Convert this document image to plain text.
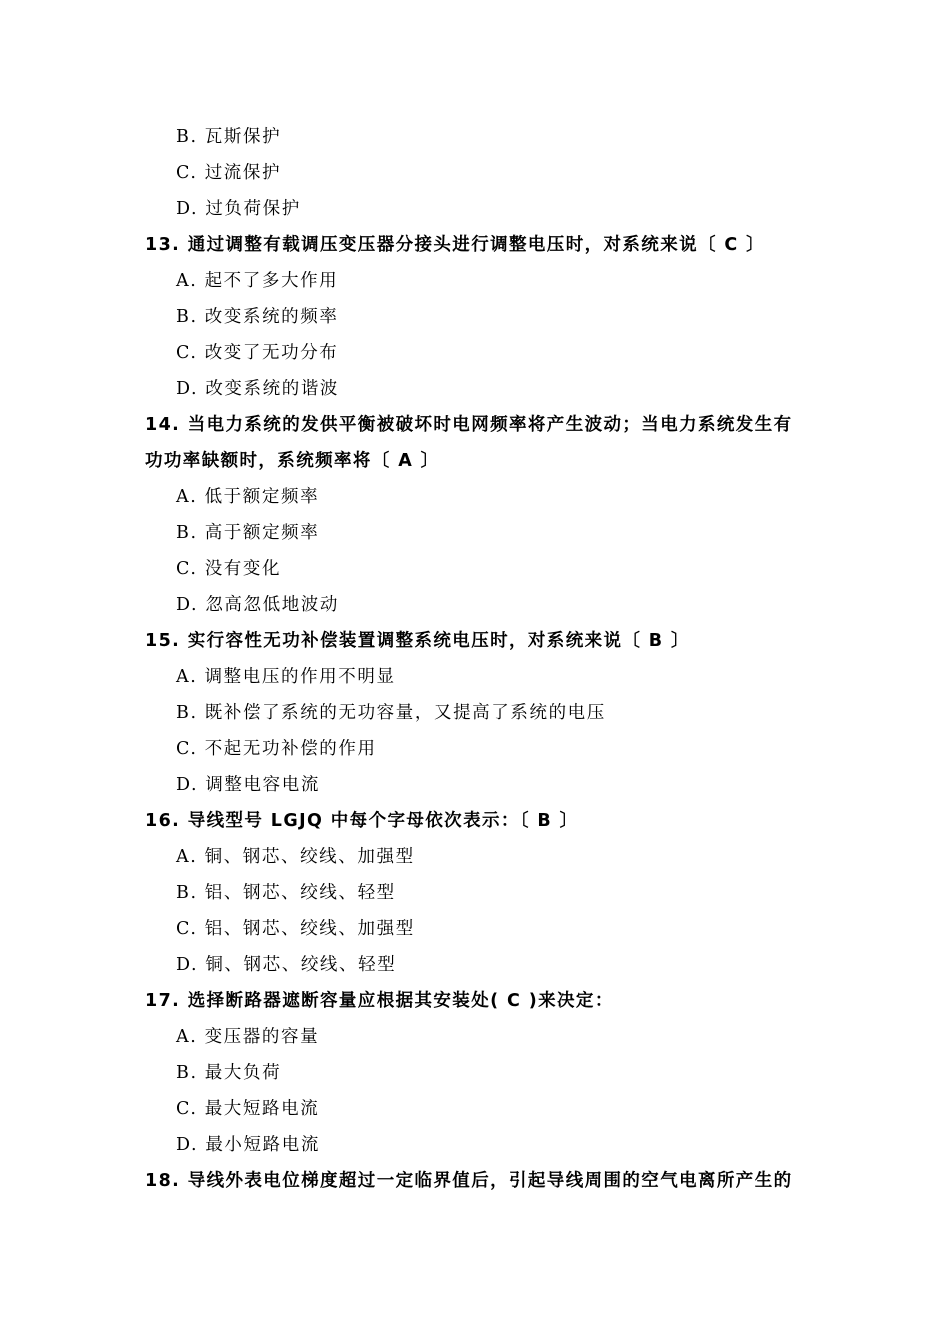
B. 瓦斯保护
C. 过流保护
D. 过负荷保护
13. 通过调整有载调压变压器分接头进行调整电压时，对系统来说〔 C 〕
A. 起不了多大作用
B. 改变系统的频率
C. 改变了无功分布
D. 改变系统的谐波
14. 当电力系统的发供平衡被破坏时电网频率将产生波动；当电力系统发生有
功功率缺额时，系统频率将〔 A 〕
A. 低于额定频率
B. 高于额定频率
C. 没有变化
D. 忽高忽低地波动
15. 实行容性无功补偿装置调整系统电压时，对系统来说〔 B 〕
A. 调整电压的作用不明显
B. 既补偿了系统的无功容量，又提高了系统的电压
C. 不起无功补偿的作用
D. 调整电容电流
16. 导线型号 LGJQ 中每个字母依次表示：〔 B 〕
A. 铜、钢芯、绞线、加强型
B. 铝、钢芯、绞线、轻型
C. 铝、钢芯、绞线、加强型
D. 铜、钢芯、绞线、轻型
17. 选择断路器遮断容量应根据其安装处( C )来决定：
A. 变压器的容量
B. 最大负荷
C. 最大短路电流
D. 最小短路电流
18. 导线外表电位梯度超过一定临界值后，引起导线周围的空气电离所产生的
